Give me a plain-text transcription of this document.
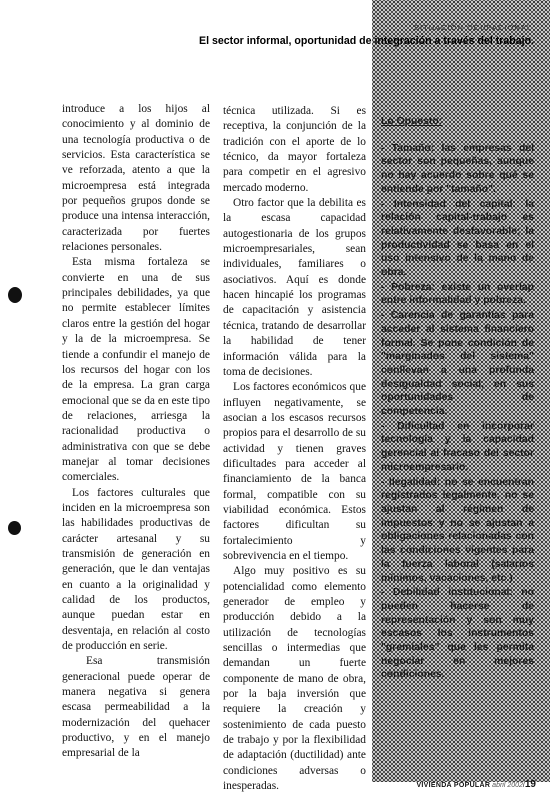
SITUACIÓN OCUPACIONAL
El sector informal, oportunidad de integración a través del trabajo.

introduce a los hijos al conocimiento y al dominio de una tecnología productiva o de servicios. Esta característica se ve reforzada, atento a que la microempresa está integrada por pequeños grupos donde se produce una intensa interacción, caracterizada por fuertes relaciones personales.

Esta misma fortaleza se convierte en una de sus principales debilidades, ya que no permite establecer límites claros entre la gestión del hogar y la de la microempresa. Se tiende a confundir el manejo de los recursos del hogar con los de la empresa. La gran carga emocional que se da en este tipo de relaciones, arriesga la racionalidad productiva o administrativa con que se debe manejar al tomar decisiones comerciales.

Los factores culturales que inciden en la microempresa son las habilidades productivas de carácter artesanal y su transmisión de generación en generación, que le dan ventajas en cuanto a la originalidad y calidad de los productos, aunque puedan estar en desventaja, en relación al costo de producción en serie.

Esa transmisión generacional puede operar de manera negativa si genera escasa permeabilidad a la modernización del quehacer productivo, y en el manejo empresarial de la

técnica utilizada. Si es receptiva, la conjunción de la tradición con el aporte de lo técnico, da mayor fortaleza para competir en el agresivo mercado moderno.

Otro factor que la debilita es la escasa capacidad autogestionaria de los grupos microempresariales, sean individuales, familiares o asociativos. Aquí es donde hacen hincapié los programas de capacitación y asistencia técnica, tratando de desarrollar la habilidad de tener información válida para la toma de decisiones.

Los factores económicos que influyen negativamente, se asocian a los escasos recursos propios para el desarrollo de su actividad y tienen graves dificultades para acceder al financiamiento de la banca formal, compatible con su viabilidad económica. Estos factores dificultan su fortalecimiento y sobrevivencia en el tiempo.

Algo muy positivo es su potencialidad como elemento generador de empleo y producción debido a la utilización de tecnologías sencillas o intermedias que demandan un fuerte componente de mano de obra, por la baja inversión que requiere la creación y sostenimiento de cada puesto de trabajo y por la flexibilidad de adaptación (ductilidad) ante condiciones adversas o inesperadas.

Lo Opuesto:
- Tamaño: las empresas del sector son pequeñas, aunque no hay acuerdo sobre qué se entiende por "tamaño".
- Intensidad del capital: la relación capital-trabajo es relativamente desfavorable; la productividad se basa en el uso intensivo de la mano de obra.
- Pobreza: existe un overlap entre informalidad y pobreza.
- Carencia de garantías para acceder al sistema financiero formal. Se pone condición de "marginados del sistema" conllevan a una profunda desigualdad social, en sus oportunidades de competencia.
- Dificultad en incorporar tecnología y la capacidad gerencial al fracaso del sector microempresario.
- Ilegalidad: no se encuentran registrados legalmente, no se ajustan al régimen de impuestos y no se ajustan a obligaciones relacionadas con las condiciones vigentes para la fuerza laboral (salarios mínimos, vacaciones, etc.)
- Debilidad institucional: no pueden hacerse de representación y son muy escasos los instrumentos "gremiales" que les permita negociar en mejores condiciones.
VIVIENDA POPULAR abril 2002/19
